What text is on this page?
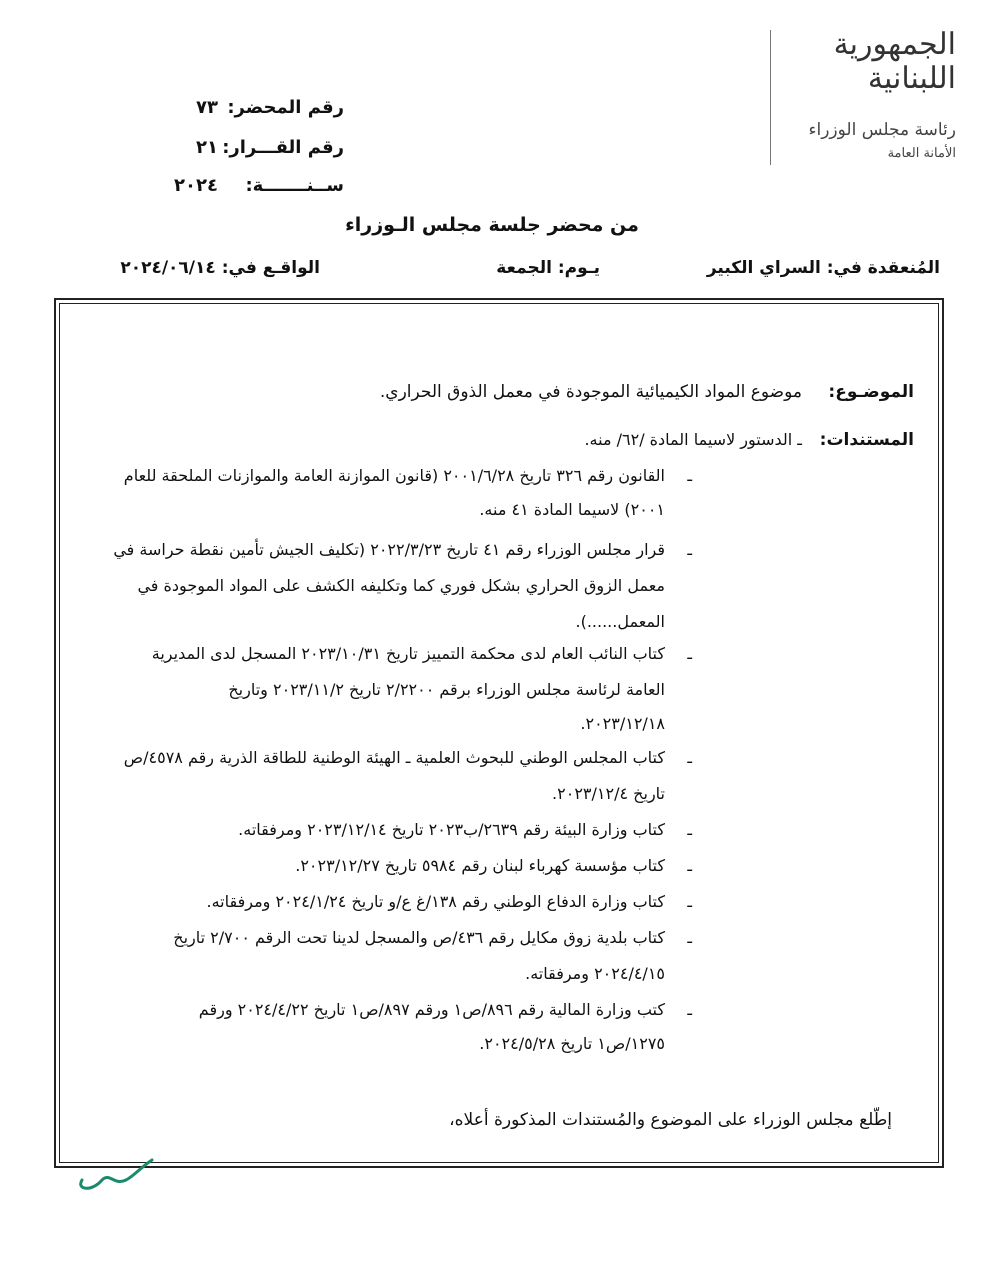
الجمهورية
اللبنانية
رئاسة مجلس الوزراء
الأمانة العامة
رقم المحضر:
٧٣
رقم القـــرار:
٢١
ســنـــــــة:
٢٠٢٤
من محضر جلسة مجلس الـوزراء
المُنعقدة في: السراي الكبير
يـوم: الجمعة
الواقـع في: ٢٠٢٤/٠٦/١٤
موضوع المواد الكيميائية الموجودة في معمل الذوق الحراري. الموضـوع:
المستندات:
ـ الدستور لاسيما المادة /٦٢/ منه.
ـ
ـ
ـ
ـ
ـ
ـ
ـ
ـ
ـ
القانون رقم ٣٢٦ تاريخ ٢٠٠١/٦/٢٨ (قانون الموازنة العامة والموازنات الملحقة للعام
٢٠٠١) لاسيما المادة ٤١ منه.
قرار مجلس الوزراء رقم ٤١ تاريخ ٢٠٢٢/٣/٢٣ (تكليف الجيش تأمين نقطة حراسة في
معمل الزوق الحراري بشكل فوري كما وتكليفه الكشف على المواد الموجودة في
المعمل......).
كتاب النائب العام لدى محكمة التمييز تاريخ ٢٠٢٣/١٠/٣١ المسجل لدى المديرية
العامة لرئاسة مجلس الوزراء برقم ٢/٢٢٠٠ تاريخ ٢٠٢٣/١١/٢ وتاريخ
٢٠٢٣/١٢/١٨.
كتاب المجلس الوطني للبحوث العلمية ـ الهيئة الوطنية للطاقة الذرية رقم ٤٥٧٨/ص
تاريخ ٢٠٢٣/١٢/٤.
كتاب وزارة البيئة رقم ٢٦٣٩/ب٢٠٢٣ تاريخ ٢٠٢٣/١٢/١٤ ومرفقاته.
كتاب مؤسسة كهرباء لبنان رقم ٥٩٨٤ تاريخ ٢٠٢٣/١٢/٢٧.
كتاب وزارة الدفاع الوطني رقم ١٣٨/غ ع/و تاريخ ٢٠٢٤/١/٢٤ ومرفقاته.
كتاب بلدية زوق مكايل رقم ٤٣٦/ص والمسجل لدينا تحت الرقم ٢/٧٠٠ تاريخ
٢٠٢٤/٤/١٥ ومرفقاته.
كتب وزارة المالية رقم ٨٩٦/ص١ ورقم ٨٩٧/ص١ تاريخ ٢٠٢٤/٤/٢٢ ورقم
١٢٧٥/ص١ تاريخ ٢٠٢٤/٥/٢٨.
إطّلع مجلس الوزراء على الموضوع والمُستندات المذكورة أعلاه،
